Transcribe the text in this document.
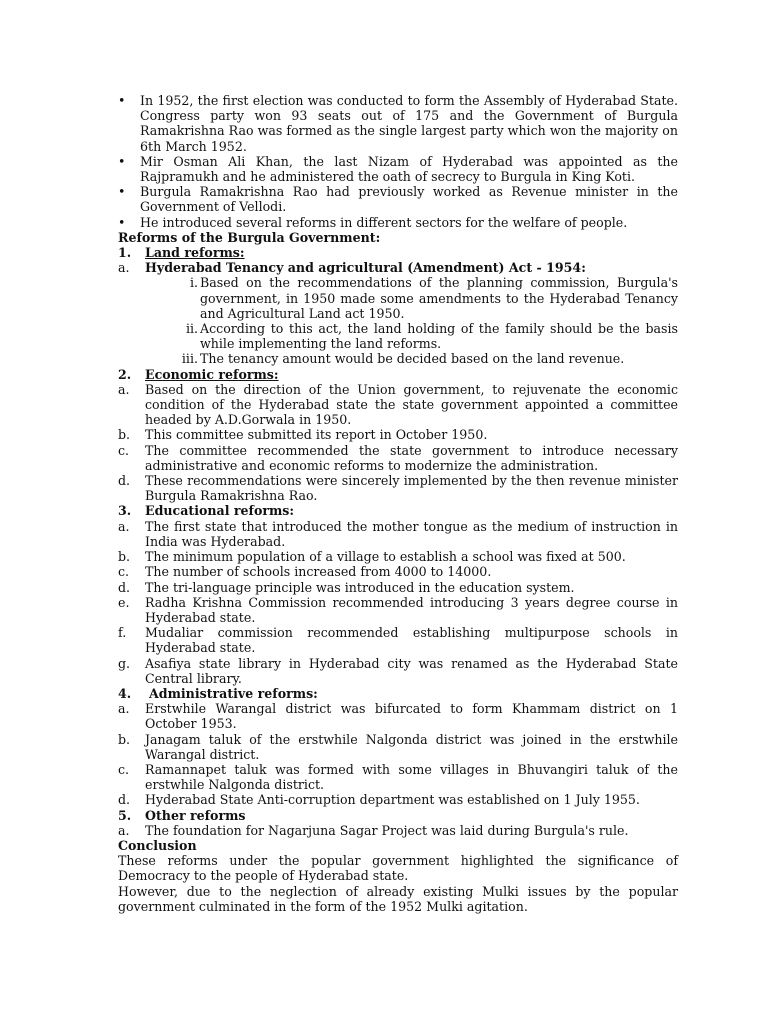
•	In 1952, the first election was conducted to form the Assembly of Hyderabad State. Congress party won 93 seats out of 175 and the Government of Burgula Ramakrishna Rao was formed as the single largest party which won the majority on 6th March 1952.
•	Mir Osman Ali Khan, the last Nizam of Hyderabad was appointed as the Rajpramukh and he administered the oath of secrecy to Burgula in King Koti.
•	Burgula Ramakrishna Rao had previously worked as Revenue minister in the Government of Vellodi.
•	He introduced several reforms in different sectors for the welfare of people.
Reforms of the Burgula Government:
1.	Land reforms:
a.	Hyderabad Tenancy and agricultural (Amendment) Act - 1954:
i. Based on the recommendations of the planning commission, Burgula's government, in 1950 made some amendments to the Hyderabad Tenancy and Agricultural Land act 1950.
ii. According to this act, the land holding of the family should be the basis while implementing the land reforms.
iii. The tenancy amount would be decided based on the land revenue.
2.	Economic reforms:
a.	Based on the direction of the Union government, to rejuvenate the economic condition of the Hyderabad state the state government appointed a committee headed by A.D.Gorwala in 1950.
b.	This committee submitted its report in October 1950.
c.	The committee recommended the state government to introduce necessary administrative and economic reforms to modernize the administration.
d.	These recommendations were sincerely implemented by the then revenue minister Burgula Ramakrishna Rao.
3.	Educational reforms:
a.	The first state that introduced the mother tongue as the medium of instruction in India was Hyderabad.
b.	The minimum population of a village to establish a school was fixed at 500.
c.	The number of schools increased from 4000 to 14000.
d.	The tri-language principle was introduced in the education system.
e.	Radha Krishna Commission recommended introducing 3 years degree course in Hyderabad state.
f.	Mudaliar commission recommended establishing multipurpose schools in Hyderabad state.
g.	Asafiya state library in Hyderabad city was renamed as the Hyderabad State Central library.
4.	Administrative reforms:
a.	Erstwhile Warangal district was bifurcated to form Khammam district on 1 October 1953.
b.	Janagam taluk of the erstwhile Nalgonda district was joined in the erstwhile Warangal district.
c.	Ramannapet taluk was formed with some villages in Bhuvangiri taluk of the erstwhile Nalgonda district.
d.	Hyderabad State Anti-corruption department was established on 1 July 1955.
5.	Other reforms
a.	The foundation for Nagarjuna Sagar Project was laid during Burgula's rule.
Conclusion

These reforms under the popular government highlighted the significance of Democracy to the people of Hyderabad state.

However, due to the neglection of already existing Mulki issues by the popular government culminated in the form of the 1952 Mulki agitation.
